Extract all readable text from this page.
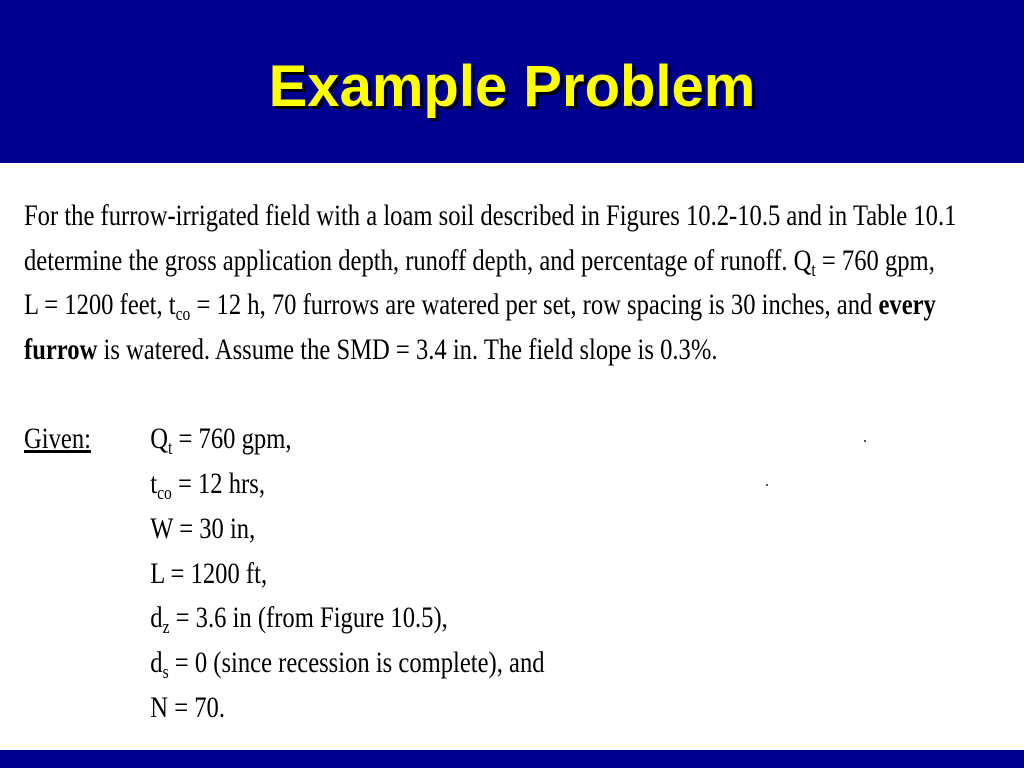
Example Problem
For the furrow-irrigated field with a loam soil described in Figures 10.2-10.5 and in Table 10.1
determine the gross application depth, runoff depth, and percentage of runoff. $Q_t = 760$ gpm,
L = 1200 feet, $t_{co} = 12$ h, 70 furrows are watered per set, row spacing is 30 inches, and every
furrow is watered. Assume the SMD = 3.4 in. The field slope is 0.3%.
Given:	$Q_t = 760$ gpm,
$t_{co} = 12$ hrs,
W = 30 in,
L = 1200 ft,
$d_z = 3.6$ in (from Figure 10.5),
$d_s = 0$ (since recession is complete), and
N = 70.
